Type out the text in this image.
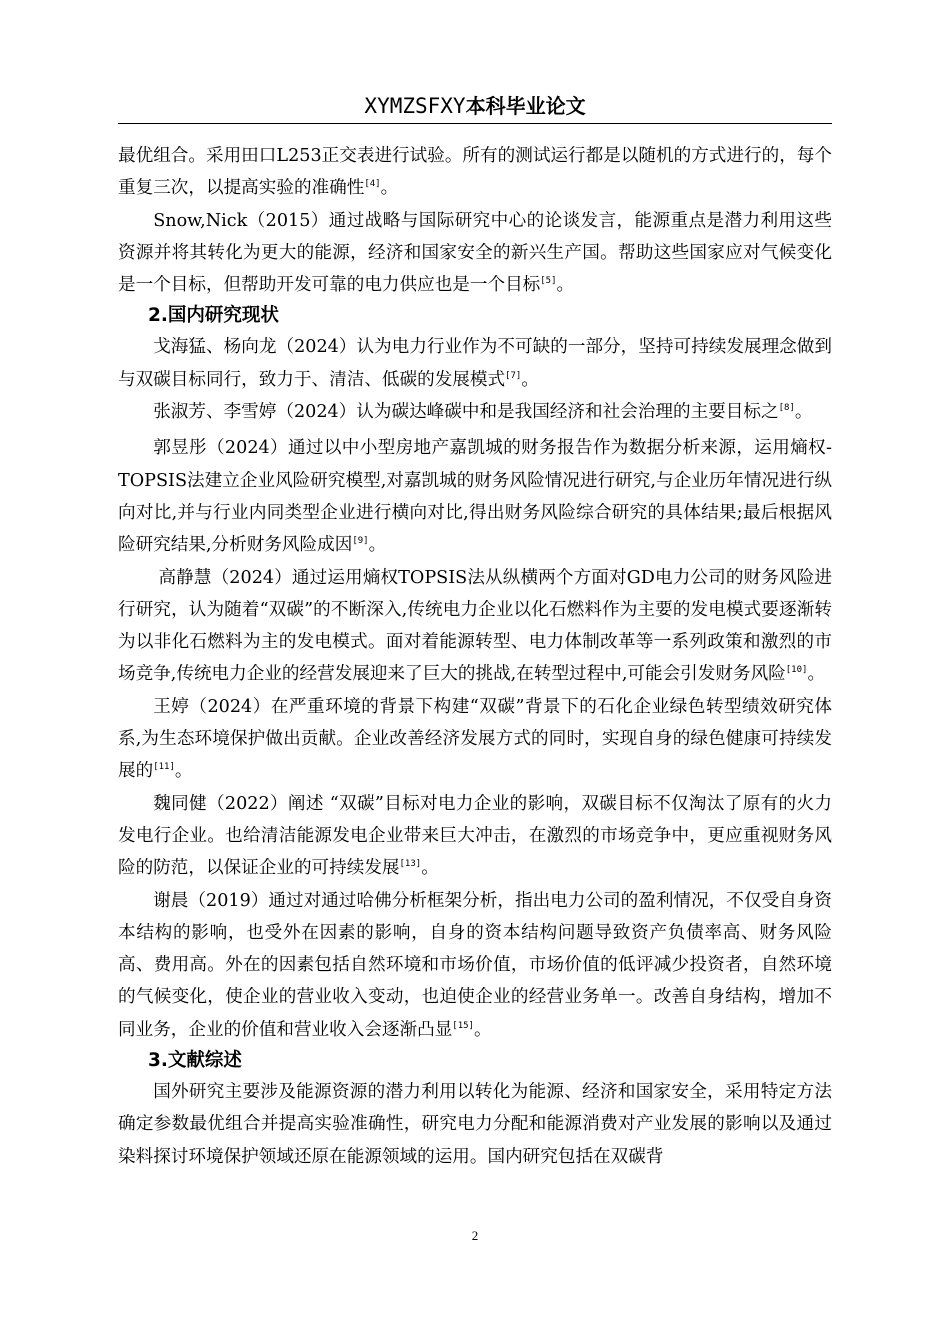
XYMZSFXY本科毕业论文

最优组合。采用田口L253正交表进行试验。所有的测试运行都是以随机的方式进行的，每个重复三次，以提高实验的准确性[4]。

Snow,Nick（2015）通过战略与国际研究中心的论谈发言，能源重点是潜力利用这些资源并将其转化为更大的能源，经济和国家安全的新兴生产国。帮助这些国家应对气候变化是一个目标，但帮助开发可靠的电力供应也是一个目标[5]。

2.国内研究现状

戈海猛、杨向龙（2024）认为电力行业作为不可缺的一部分，坚持可持续发展理念做到与双碳目标同行，致力于、清洁、低碳的发展模式[7]。

张淑芳、李雪婷（2024）认为碳达峰碳中和是我国经济和社会治理的主要目标之[8]。

郭昱彤（2024）通过以中小型房地产嘉凯城的财务报告作为数据分析来源，运用熵权-TOPSIS法建立企业风险研究模型,对嘉凯城的财务风险情况进行研究,与企业历年情况进行纵向对比,并与行业内同类型企业进行横向对比,得出财务风险综合研究的具体结果;最后根据风险研究结果,分析财务风险成因[9]。

高静慧（2024）通过运用熵权TOPSIS法从纵横两个方面对GD电力公司的财务风险进行研究，认为随着“双碳”的不断深入,传统电力企业以化石燃料作为主要的发电模式要逐渐转为以非化石燃料为主的发电模式。面对着能源转型、电力体制改革等一系列政策和激烈的市场竞争,传统电力企业的经营发展迎来了巨大的挑战,在转型过程中,可能会引发财务风险[10]。

王婷（2024）在严重环境的背景下构建“双碳”背景下的石化企业绿色转型绩效研究体系,为生态环境保护做出贡献。企业改善经济发展方式的同时，实现自身的绿色健康可持续发展的[11]。

魏同健（2022）阐述 “双碳”目标对电力企业的影响，双碳目标不仅淘汰了原有的火力发电行企业。也给清洁能源发电企业带来巨大冲击，在激烈的市场竞争中，更应重视财务风险的防范，以保证企业的可持续发展[13]。

谢晨（2019）通过对通过哈佛分析框架分析，指出电力公司的盈利情况，不仅受自身资本结构的影响，也受外在因素的影响，自身的资本结构问题导致资产负债率高、财务风险高、费用高。外在的因素包括自然环境和市场价值，市场价值的低评减少投资者，自然环境的气候变化，使企业的营业收入变动，也迫使企业的经营业务单一。改善自身结构，增加不同业务，企业的价值和营业收入会逐渐凸显[15]。

3.文献综述

国外研究主要涉及能源资源的潜力利用以转化为能源、经济和国家安全，采用特定方法确定参数最优组合并提高实验准确性，研究电力分配和能源消费对产业发展的影响以及通过染料探讨环境保护领域还原在能源领域的运用。国内研究包括在双碳背

2
